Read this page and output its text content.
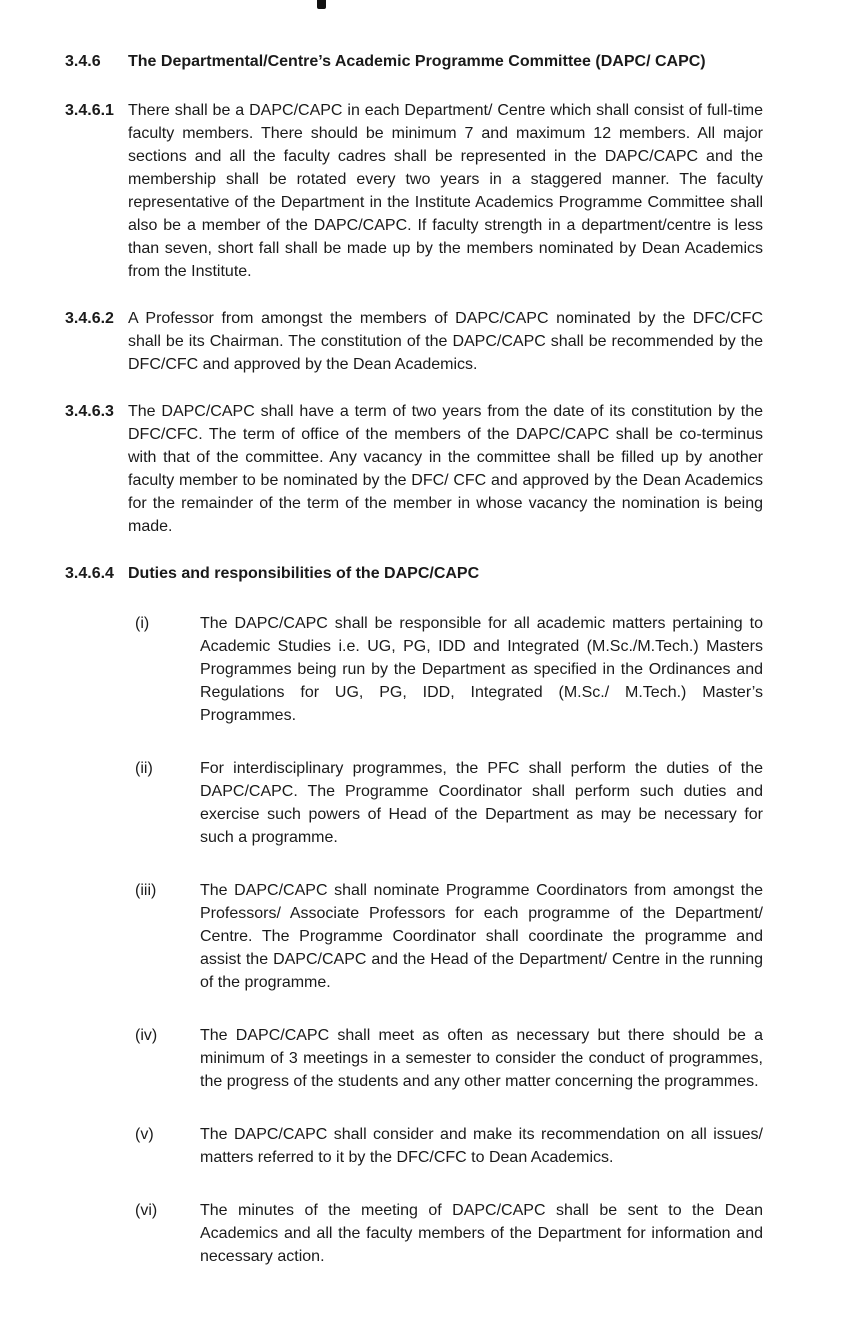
3.4.6	The Departmental/Centre’s Academic Programme Committee (DAPC/ CAPC)
3.4.6.1 There shall be a DAPC/CAPC in each Department/ Centre which shall consist of full-time faculty members. There should be minimum 7 and maximum 12 members. All major sections and all the faculty cadres shall be represented in the DAPC/CAPC and the membership shall be rotated every two years in a staggered manner. The faculty representative of the Department in the Institute Academics Programme Committee shall also be a member of the DAPC/CAPC. If faculty strength in a department/centre is less than seven, short fall shall be made up by the members nominated by Dean Academics from the Institute.
3.4.6.2 A Professor from amongst the members of DAPC/CAPC nominated by the DFC/CFC shall be its Chairman. The constitution of the DAPC/CAPC shall be recommended by the DFC/CFC and approved by the Dean Academics.
3.4.6.3 The DAPC/CAPC shall have a term of two years from the date of its constitution by the DFC/CFC. The term of office of the members of the DAPC/CAPC shall be co-terminus with that of the committee. Any vacancy in the committee shall be filled up by another faculty member to be nominated by the DFC/ CFC and approved by the Dean Academics for the remainder of the term of the member in whose vacancy the nomination is being made.
3.4.6.4 Duties and responsibilities of the DAPC/CAPC
(i)	The DAPC/CAPC shall be responsible for all academic matters pertaining to Academic Studies i.e. UG, PG, IDD and Integrated (M.Sc./M.Tech.) Masters Programmes being run by the Department as specified in the Ordinances and Regulations for UG, PG, IDD, Integrated (M.Sc./ M.Tech.) Master’s Programmes.
(ii)	For interdisciplinary programmes, the PFC shall perform the duties of the DAPC/CAPC. The Programme Coordinator shall perform such duties and exercise such powers of Head of the Department as may be necessary for such a programme.
(iii)	The DAPC/CAPC shall nominate Programme Coordinators from amongst the Professors/ Associate Professors for each programme of the Department/ Centre. The Programme Coordinator shall coordinate the programme and assist the DAPC/CAPC and the Head of the Department/ Centre in the running of the programme.
(iv)	The DAPC/CAPC shall meet as often as necessary but there should be a minimum of 3 meetings in a semester to consider the conduct of programmes, the progress of the students and any other matter concerning the programmes.
(v)	The DAPC/CAPC shall consider and make its recommendation on all issues/ matters referred to it by the DFC/CFC to Dean Academics.
(vi)	The minutes of the meeting of DAPC/CAPC shall be sent to the Dean Academics and all the faculty members of the Department for information and necessary action.
